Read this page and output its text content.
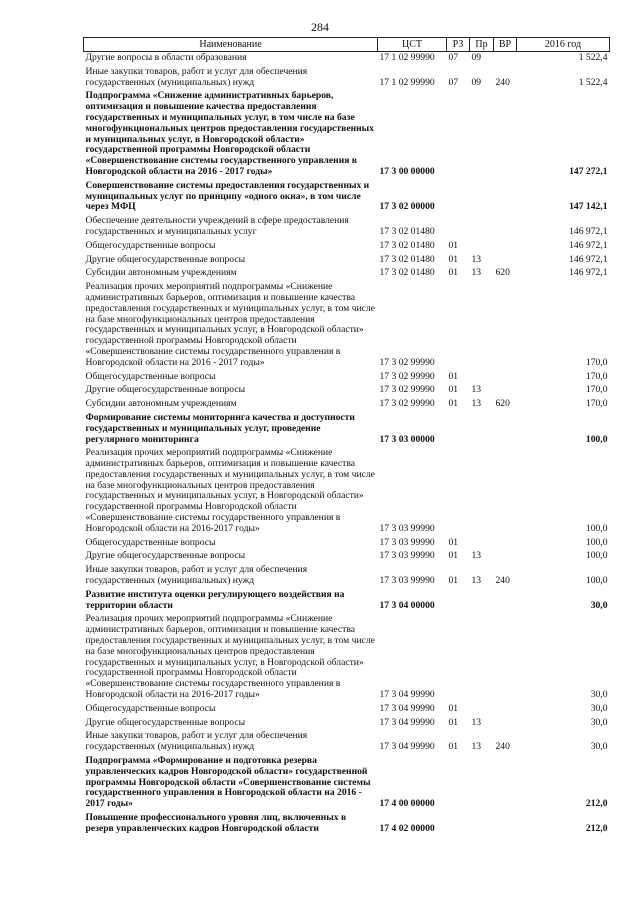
284
Наименование	ЦСТ	РЗ	Пр	ВР	2016 год
Другие вопросы в области образования	17 1 02 99990	07	09		1 522,4
Иные закупки товаров, работ и услуг для обеспечения государственных (муниципальных) нужд	17 1 02 99990	07	09	240	1 522,4
Подпрограмма «Снижение административных барьеров, оптимизация и повышение качества предоставления государственных и муниципальных услуг, в том числе на базе многофункциональных центров предоставления государственных и муниципальных услуг, в Новгородской области» государственной программы Новгородской области «Совершенствование системы государственного управления в Новгородской области на 2016 - 2017 годы»	17 3 00 00000				147 272,1
Совершенствование системы предоставления государственных и муниципальных услуг по принципу «одного окна», в том числе через МФЦ	17 3 02 00000				147 142,1
Обеспечение деятельности учреждений в сфере предоставления государственных и муниципальных услуг	17 3 02 01480				146 972,1
Общегосударственные вопросы	17 3 02 01480	01			146 972,1
Другие общегосударственные вопросы	17 3 02 01480	01	13		146 972,1
Субсидии автономным учреждениям	17 3 02 01480	01	13	620	146 972,1
Реализация прочих мероприятий подпрограммы «Снижение административных барьеров, оптимизация и повышение качества предоставления государственных и муниципальных услуг, в том числе на базе многофункциональных центров предоставления государственных и муниципальных услуг, в Новгородской области» государственной программы Новгородской области «Совершенствование системы государственного управления в Новгородской области на 2016 - 2017 годы»	17 3 02 99990				170,0
Общегосударственные вопросы	17 3 02 99990	01			170,0
Другие общегосударственные вопросы	17 3 02 99990	01	13		170,0
Субсидии автономным учреждениям	17 3 02 99990	01	13	620	170,0
Формирование системы мониторинга качества и доступности государственных и муниципальных услуг, проведение регулярного мониторинга	17 3 03 00000				100,0
Реализация прочих мероприятий подпрограммы «Снижение административных барьеров, оптимизация и повышение качества предоставления государственных и муниципальных услуг, в том числе на базе многофункциональных центров предоставления государственных и муниципальных услуг, в Новгородской области» государственной программы Новгородской области «Совершенствование системы государственного управления в Новгородской области на 2016-2017 годы»	17 3 03 99990				100,0
Общегосударственные вопросы	17 3 03 99990	01			100,0
Другие общегосударственные вопросы	17 3 03 99990	01	13		100,0
Иные закупки товаров, работ и услуг для обеспечения государственных (муниципальных) нужд	17 3 03 99990	01	13	240	100,0
Развитие института оценки регулирующего воздействия на территории области	17 3 04 00000				30,0
Реализация прочих мероприятий подпрограммы «Снижение административных барьеров, оптимизация и повышение качества предоставления государственных и муниципальных услуг, в том числе на базе многофункциональных центров предоставления государственных и муниципальных услуг, в Новгородской области» государственной программы Новгородской области «Совершенствование системы государственного управления в Новгородской области на 2016-2017 годы»	17 3 04 99990				30,0
Общегосударственные вопросы	17 3 04 99990	01			30,0
Другие общегосударственные вопросы	17 3 04 99990	01	13		30,0
Иные закупки товаров, работ и услуг для обеспечения государственных (муниципальных) нужд	17 3 04 99990	01	13	240	30,0
Подпрограмма «Формирование и подготовка резерва управленческих кадров Новгородской области» государственной программы Новгородской области «Совершенствование системы государственного управления в Новгородской области на 2016 - 2017 годы»	17 4 00 00000				212,0
Повышение профессионального уровня лиц, включенных в резерв управленческих кадров Новгородской области	17 4 02 00000				212,0
